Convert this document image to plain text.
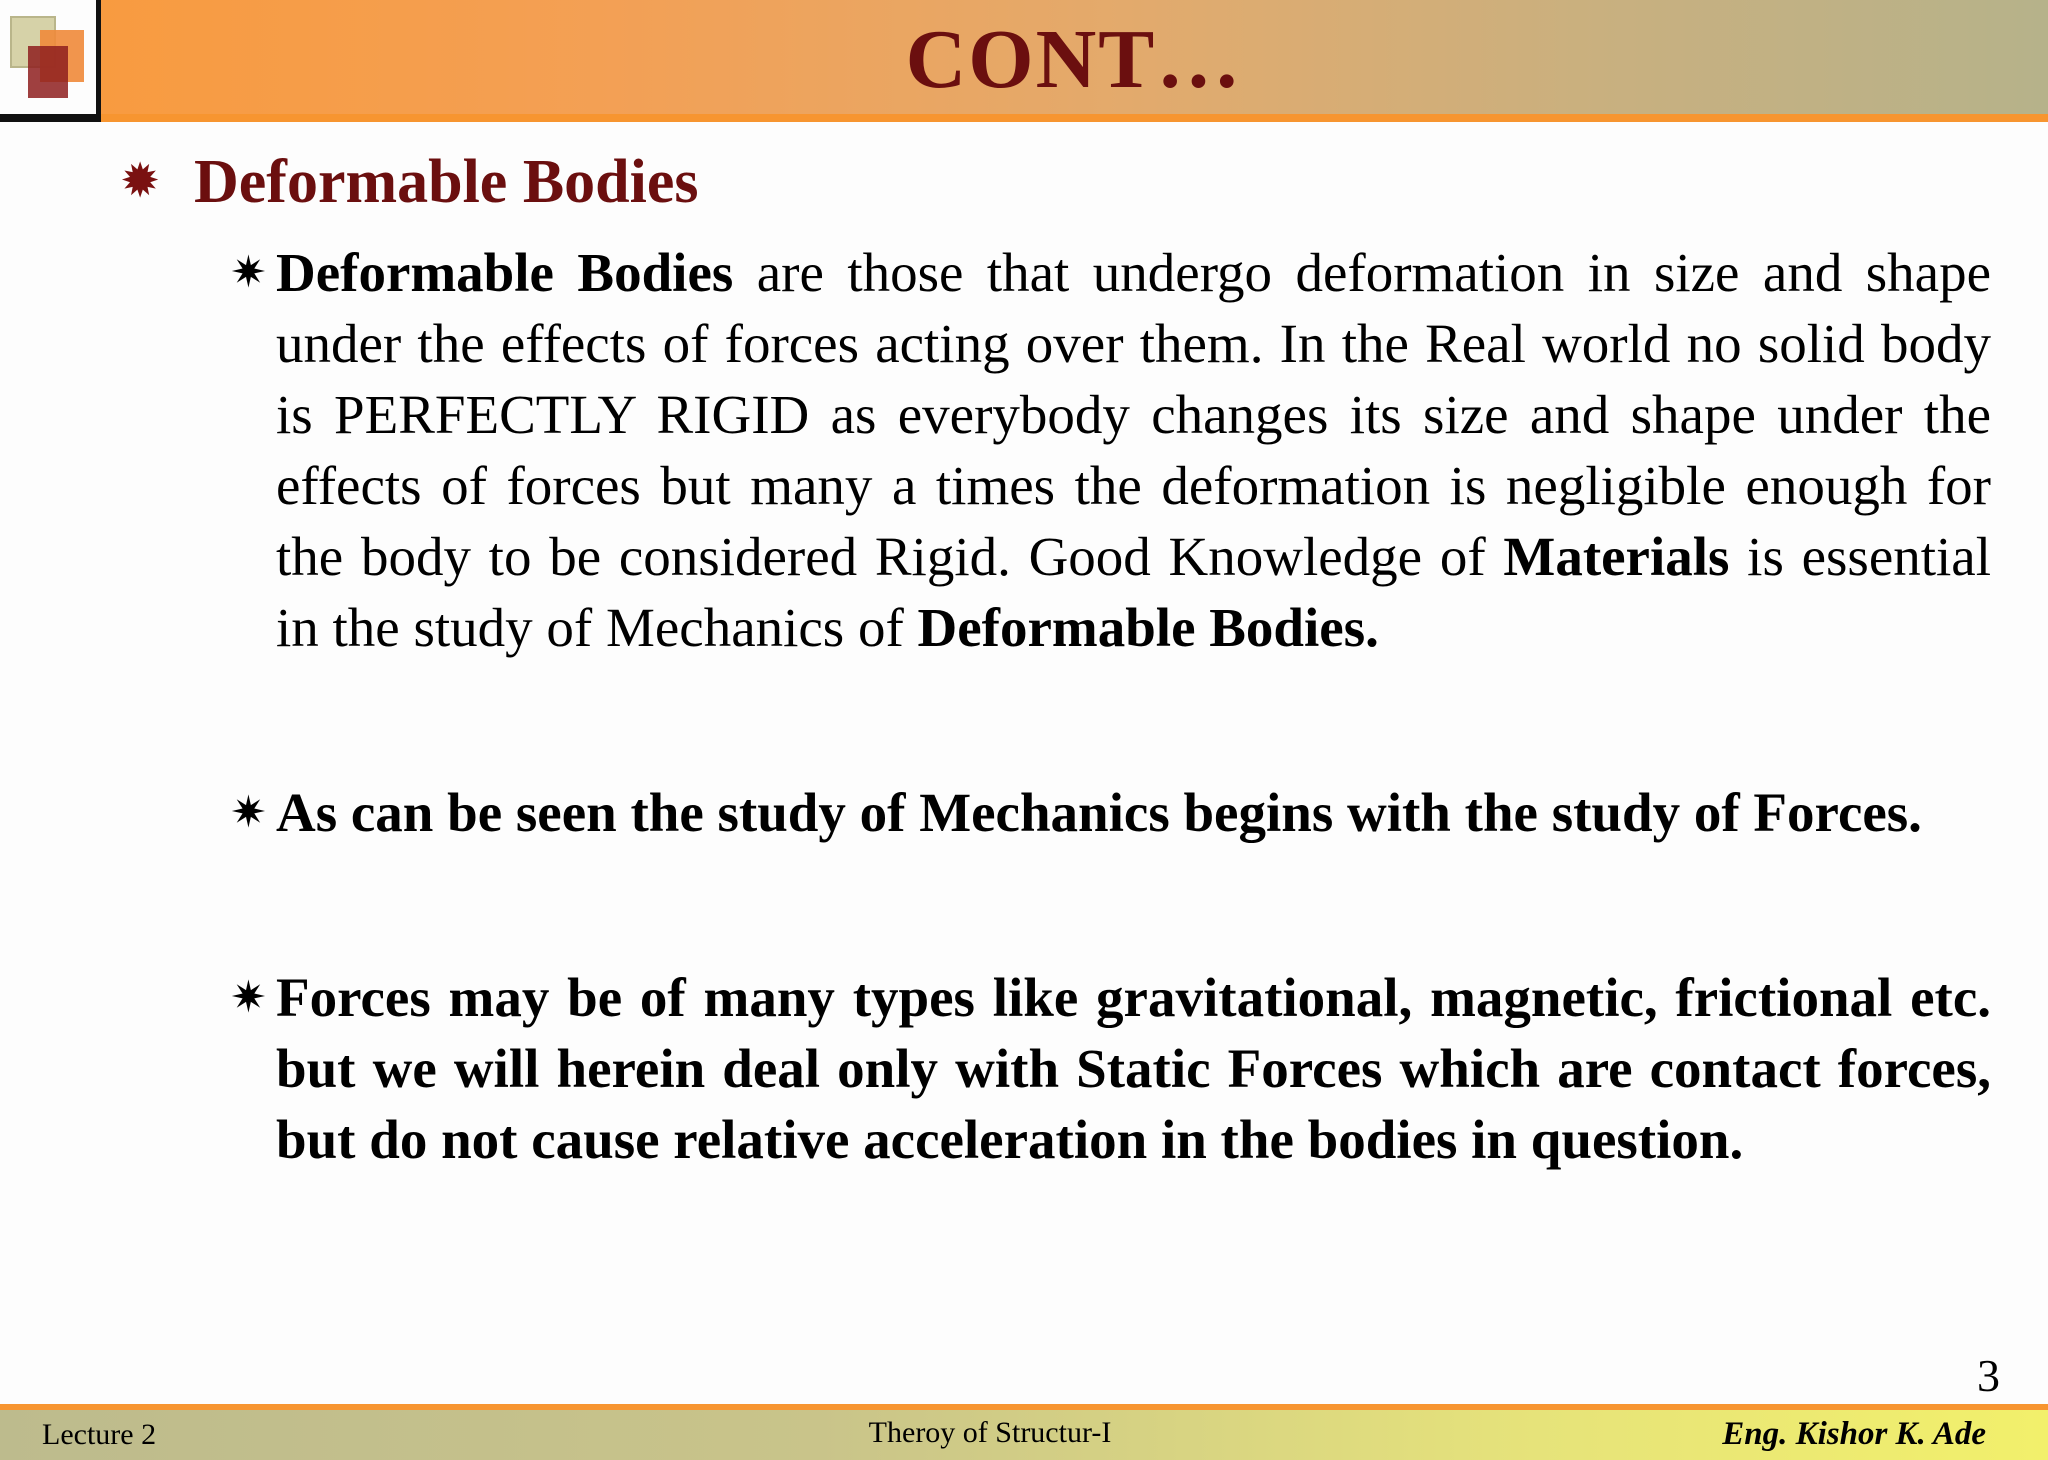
CONT…
✹ Deformable Bodies
✷ Deformable Bodies are those that undergo deformation in size and shape under the effects of forces acting over them. In the Real world no solid body is PERFECTLY RIGID as everybody changes its size and shape under the effects of forces but many a times the deformation is negligible enough for the body to be considered Rigid. Good Knowledge of Materials is essential in the study of Mechanics of Deformable Bodies.
✷ As can be seen the study of Mechanics begins with the study of Forces.
✷ Forces may be of many types like gravitational, magnetic, frictional etc. but we will herein deal only with Static Forces which are contact forces, but do not cause relative acceleration in the bodies in question.
3
Lecture 2	Theroy of Structur-I	Eng. Kishor K. Ade
